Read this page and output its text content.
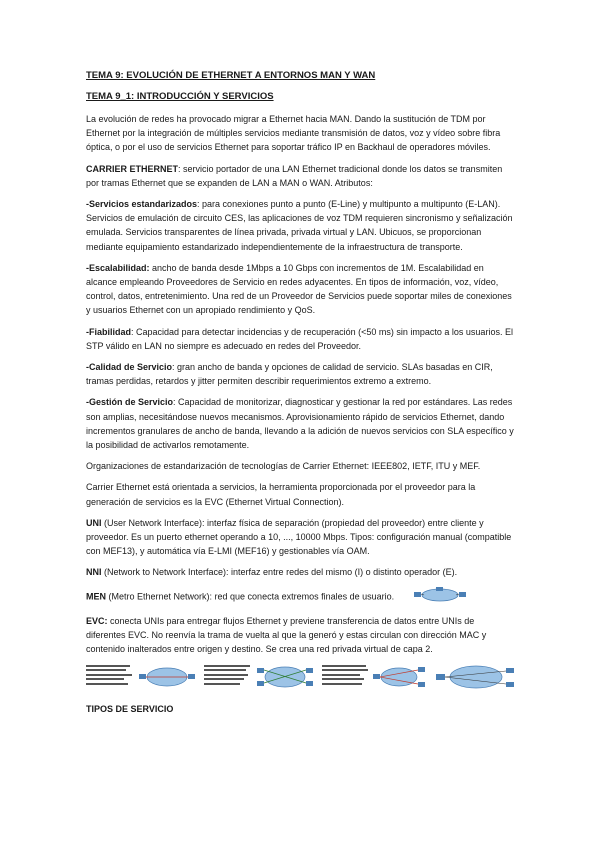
TEMA 9: EVOLUCIÓN DE ETHERNET A ENTORNOS MAN Y WAN
TEMA 9_1: INTRODUCCIÓN Y SERVICIOS

La evolución de redes ha provocado migrar a Ethernet hacia MAN. Dando la sustitución de TDM por Ethernet por la integración de múltiples servicios mediante transmisión de datos, voz y vídeo sobre fibra óptica, o por el uso de servicios Ethernet para soportar tráfico IP en Backhaul de operadores móviles.

CARRIER ETHERNET: servicio portador de una LAN Ethernet tradicional donde los datos se transmiten por tramas Ethernet que se expanden de LAN a MAN o WAN. Atributos:

-Servicios estandarizados: para conexiones punto a punto (E-Line) y multipunto a multipunto (E-LAN). Servicios de emulación de circuito CES, las aplicaciones de voz TDM requieren sincronismo y señalización emulada. Servicios transparentes de línea privada, privada virtual y LAN. Ubicuos, se proporcionan mediante equipamiento estandarizado independientemente de la infraestructura de transporte.

-Escalabilidad: ancho de banda desde 1Mbps a 10 Gbps con incrementos de 1M. Escalabilidad en alcance empleando Proveedores de Servicio en redes adyacentes. En tipos de información, voz, vídeo, control, datos, entretenimiento. Una red de un Proveedor de Servicios puede soportar miles de conexiones y usuarios Ethernet con un apropiado rendimiento y QoS.

-Fiabilidad: Capacidad para detectar incidencias y de recuperación (<50 ms) sin impacto a los usuarios. El STP válido en LAN no siempre es adecuado en redes del Proveedor.

-Calidad de Servicio: gran ancho de banda y opciones de calidad de servicio. SLAs basadas en CIR, tramas perdidas, retardos y jitter permiten describir requerimientos extremo a extremo.

-Gestión de Servicio: Capacidad de monitorizar, diagnosticar y gestionar la red por estándares. Las redes son amplias, necesitándose nuevos mecanismos. Aprovisionamiento rápido de servicios Ethernet, dando incrementos granulares de ancho de banda, llevando a la adición de nuevos servicios con SLA específico y la posibilidad de activarlos remotamente.

Organizaciones de estandarización de tecnologías de Carrier Ethernet: IEEE802, IETF, ITU y MEF.

Carrier Ethernet está orientada a servicios, la herramienta proporcionada por el proveedor para la generación de servicios es la EVC (Ethernet Virtual Connection).

UNI (User Network Interface): interfaz física de separación (propiedad del proveedor) entre cliente y proveedor. Es un puerto ethernet operando a 10, ..., 10000 Mbps. Tipos: configuración manual (compatible con MEF13), y automática vía E-LMI (MEF16) y gestionables vía OAM.

NNI (Network to Network Interface): interfaz entre redes del mismo (I) o distinto operador (E).

MEN (Metro Ethernet Network): red que conecta extremos finales de usuario.

EVC: conecta UNIs para entregar flujos Ethernet y previene transferencia de datos entre UNIs de diferentes EVC. No reenvía la trama de vuelta al que la generó y estas circulan con dirección MAC y contenido inalterados entre origen y destino. Se crea una red privada virtual de capa 2.

TIPOS DE SERVICIO
